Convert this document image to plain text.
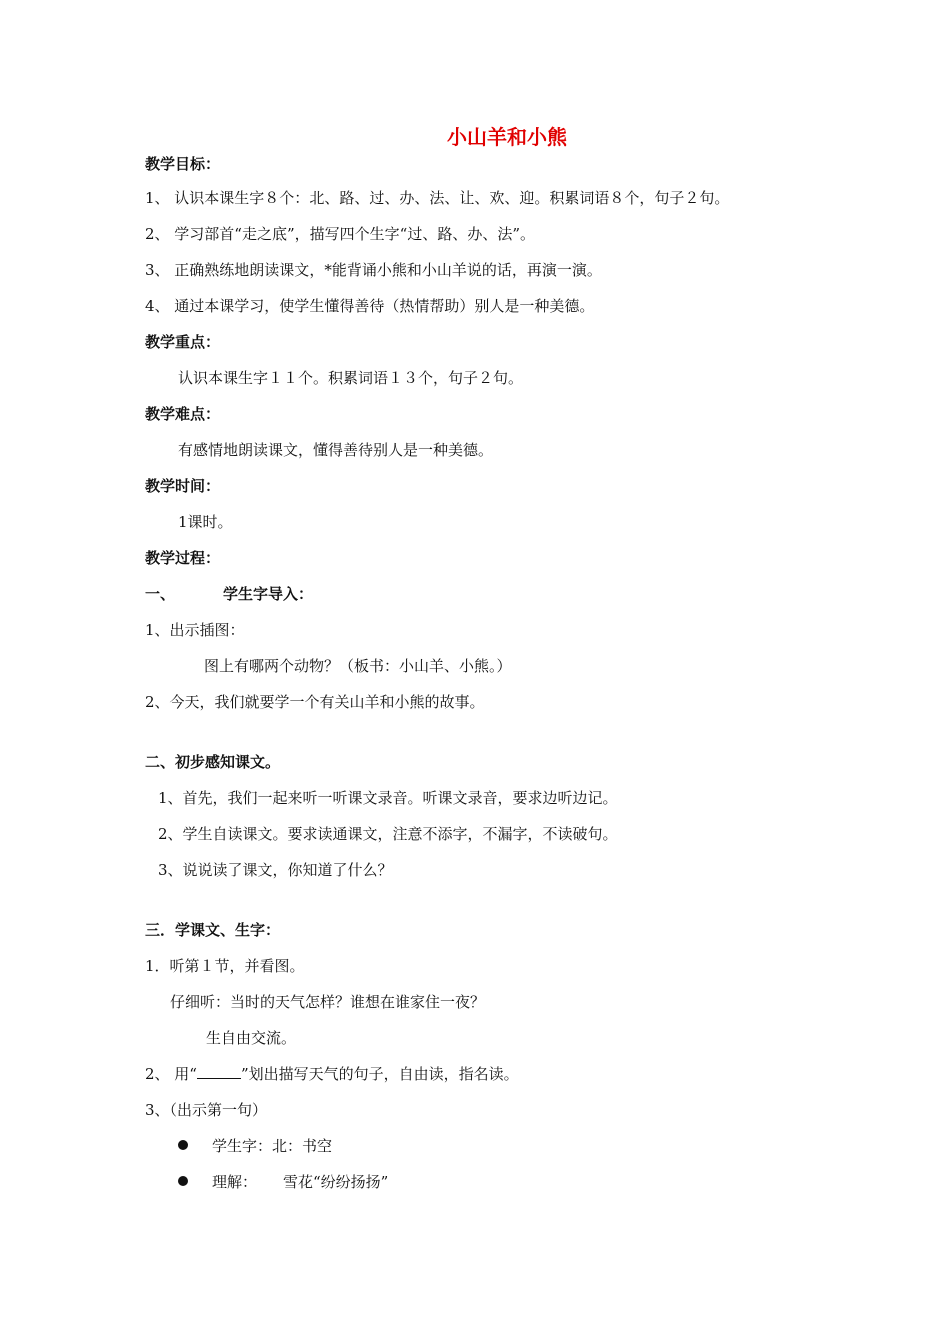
小山羊和小熊
教学目标：
1、 认识本课生字８个：北、路、过、办、法、让、欢、迎。积累词语８个，句子２句。
2、 学习部首“走之底”，描写四个生字“过、路、办、法”。
3、 正确熟练地朗读课文，*能背诵小熊和小山羊说的话，再演一演。
4、 通过本课学习，使学生懂得善待（热情帮助）别人是一种美德。
教学重点：
认识本课生字１１个。积累词语１３个，句子２句。
教学难点：
有感情地朗读课文，懂得善待别人是一种美德。
教学时间：
1课时。
教学过程：
一、	学生字导入：
1、出示插图：
图上有哪两个动物？（板书：小山羊、小熊。）
2、今天，我们就要学一个有关山羊和小熊的故事。
二、初步感知课文。
1、首先，我们一起来听一听课文录音。听课文录音，要求边听边记。
2、学生自读课文。要求读通课文，注意不添字，不漏字，不读破句。
3、说说读了课文，你知道了什么？
三．学课文、生字：
1．听第１节，并看图。
仔细听：当时的天气怎样？谁想在谁家住一夜？
生自由交流。
2、 用“	”划出描写天气的句子，自由读，指名读。
3、（出示第一句）
学生字：北：书空
理解： 雪花“纷纷扬扬”
